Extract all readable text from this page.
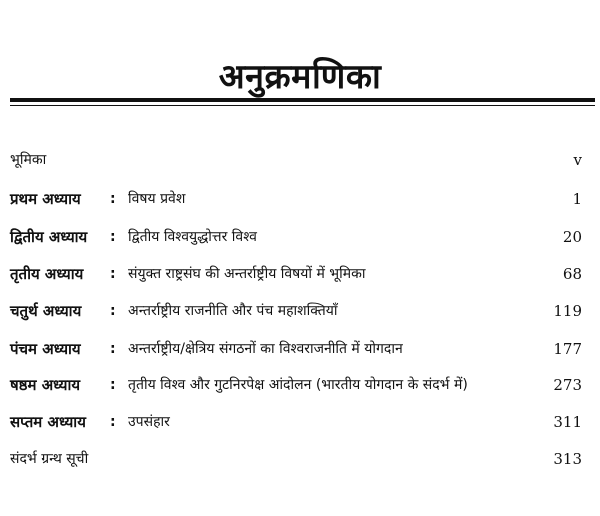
अनुक्रमणिका
भूमिका	v
प्रथम अध्याय : विषय प्रवेश	1
द्वितीय अध्याय : द्वितीय विश्वयुद्धोत्तर विश्व	20
तृतीय अध्याय : संयुक्त राष्ट्रसंघ की अन्तर्राष्ट्रीय विषयों में भूमिका	68
चतुर्थ अध्याय : अन्तर्राष्ट्रीय राजनीति और पंच महाशक्तियाँ	119
पंचम अध्याय : अन्तर्राष्ट्रीय/क्षेत्रिय संगठनों का विश्वराजनीति में योगदान	177
षष्ठम अध्याय : तृतीय विश्व और गुटनिरपेक्ष आंदोलन (भारतीय योगदान के संदर्भ में)	273
सप्तम अध्याय : उपसंहार	311
संदर्भ ग्रन्थ सूची	313
